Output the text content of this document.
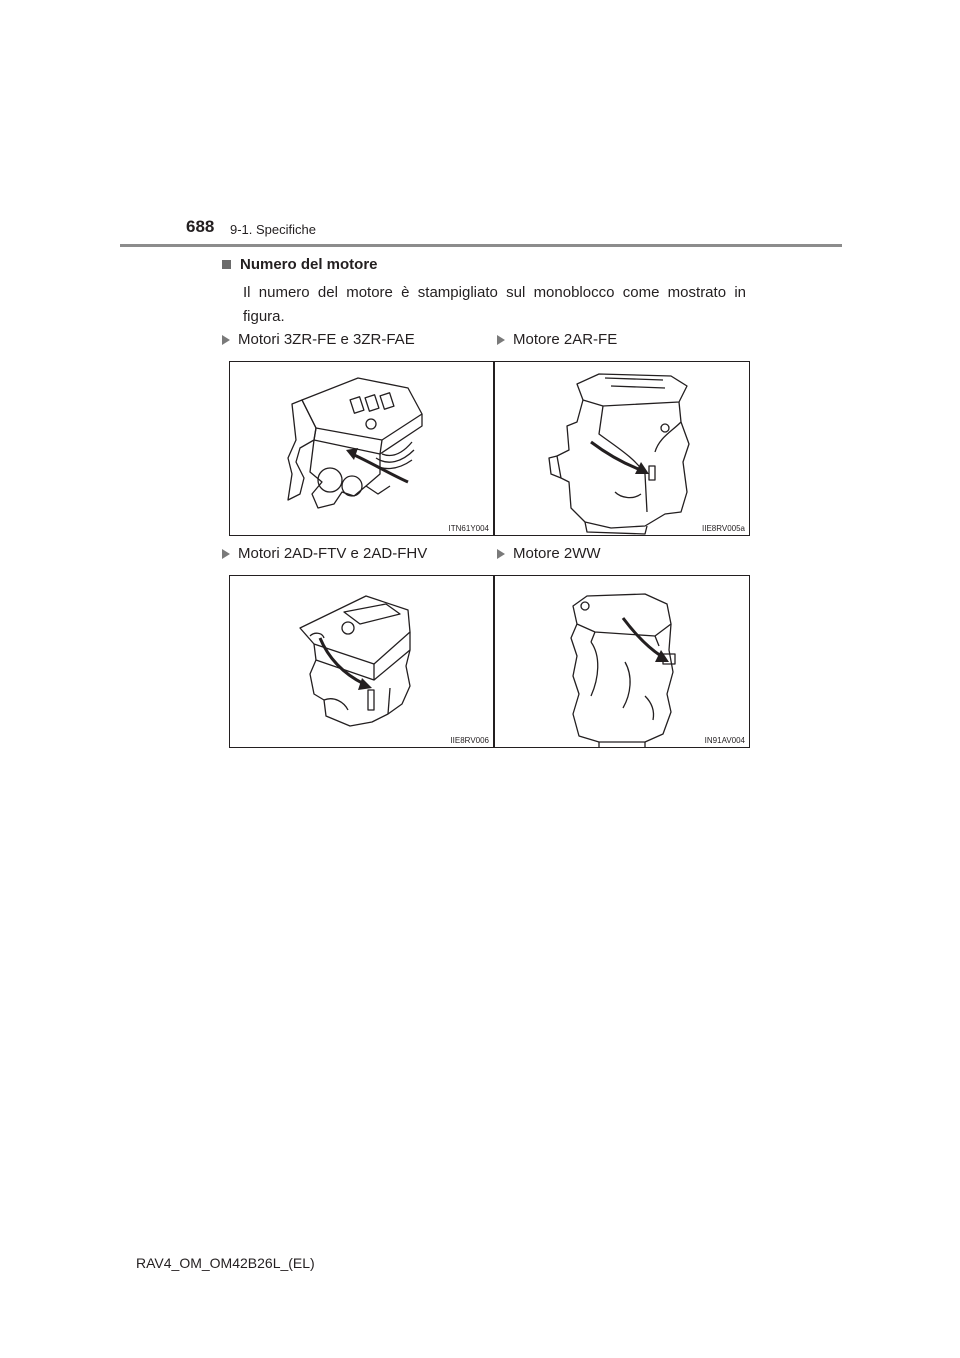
688 9-1. Specifiche
Numero del motore
Il numero del motore è stampigliato sul monoblocco come mostrato in figura.
Motori 3ZR-FE e 3ZR-FAE	Motore 2AR-FE
ITN61Y004	IIE8RV005a
Motori 2AD-FTV e 2AD-FHV	Motore 2WW
IIE8RV006	IN91AV004
RAV4_OM_OM42B26L_(EL)
